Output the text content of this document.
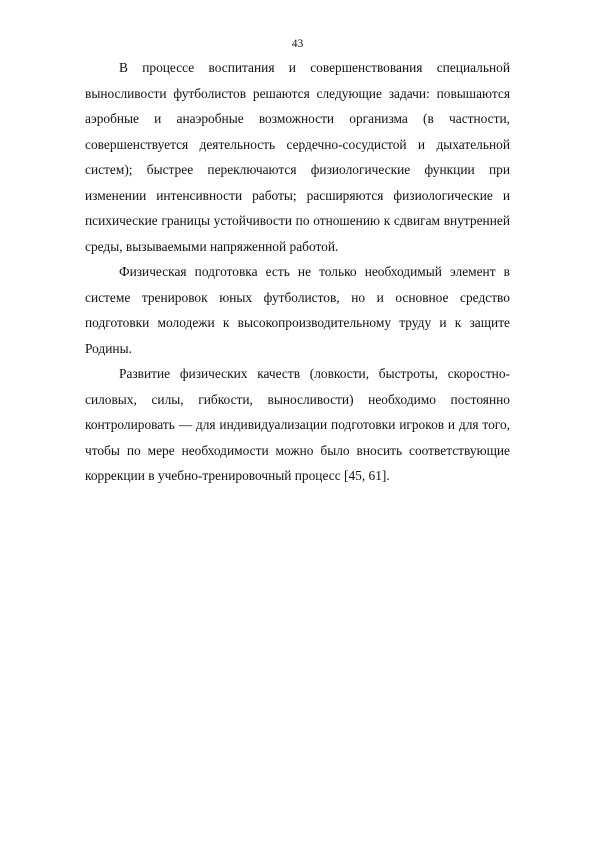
43

В процессе воспитания и совершенствования специальной выносливости футболистов решаются следующие задачи: повышаются аэробные и анаэробные возможности организма (в частности, совершенствуется деятельность сердечно-сосудистой и дыхательной систем); быстрее переключаются физиологические функции при изменении интенсивности работы; расширяются физиологические и психические границы устойчивости по отношению к сдвигам внутренней среды, вызываемыми напряженной работой.

Физическая подготовка есть не только необходимый элемент в системе тренировок юных футболистов, но и основное средство подготовки молодежи к высокопроизводительному труду и к защите Родины.

Развитие физических качеств (ловкости, быстроты, скоростно-силовых, силы, гибкости, выносливости) необходимо постоянно контролировать — для индивидуализации подготовки игроков и для того, чтобы по мере необходимости можно было вносить соответствующие коррекции в учебно-тренировочный процесс [45, 61].
